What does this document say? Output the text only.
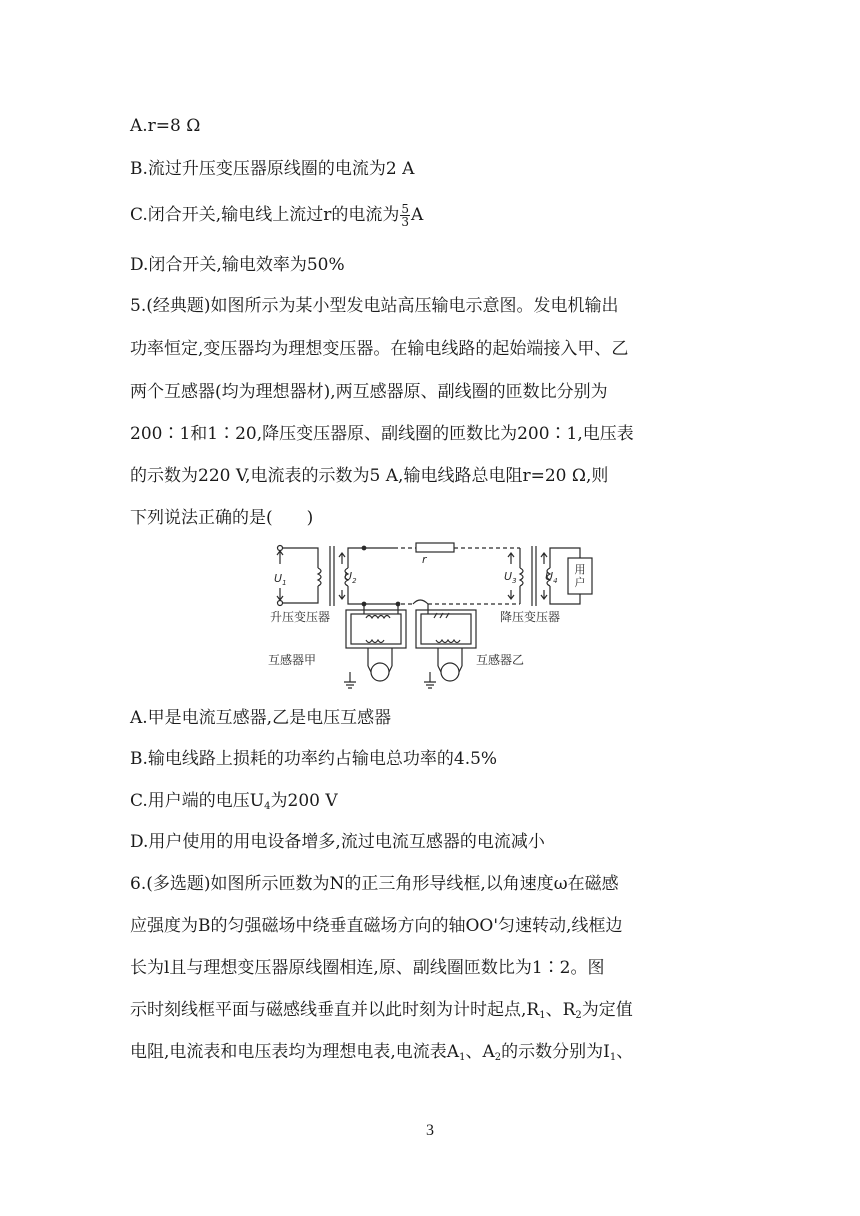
A.r=8 Ω
B.流过升压变压器原线圈的电流为2 A
C.闭合开关,输电线上流过r的电流为 $\frac{5}{3}$ A
D.闭合开关,输电效率为50%
5.(经典题)如图所示为某小型发电站高压输电示意图。发电机输出
功率恒定,变压器均为理想变压器。在输电线路的起始端接入甲、乙
两个互感器(均为理想器材),两互感器原、副线圈的匝数比分别为
200∶1和1∶20,降压变压器原、副线圈的匝数比为200∶1,电压表
的示数为220 V,电流表的示数为5 A,输电线路总电阻r=20 Ω,则
下列说法正确的是(　　)
$U_1$	$U_2$
r
$U_3$	$U_4$
用户
升压变压器	降压变压器
互感器甲	互感器乙
A.甲是电流互感器,乙是电压互感器
B.输电线路上损耗的功率约占输电总功率的4.5%
C.用户端的电压$U_4$为200 V
D.用户使用的用电设备增多,流过电流互感器的电流减小
6.(多选题)如图所示匝数为N的正三角形导线框,以角速度ω在磁感
应强度为B的匀强磁场中绕垂直磁场方向的轴OO'匀速转动,线框边
长为l且与理想变压器原线圈相连,原、副线圈匝数比为1∶2。图
示时刻线框平面与磁感线垂直并以此时刻为计时起点$,R_1$、$R_2$为定值
电阻,电流表和电压表均为理想电表,电流表$A_1$、$A_2$的示数分别为$I_1$、
3
